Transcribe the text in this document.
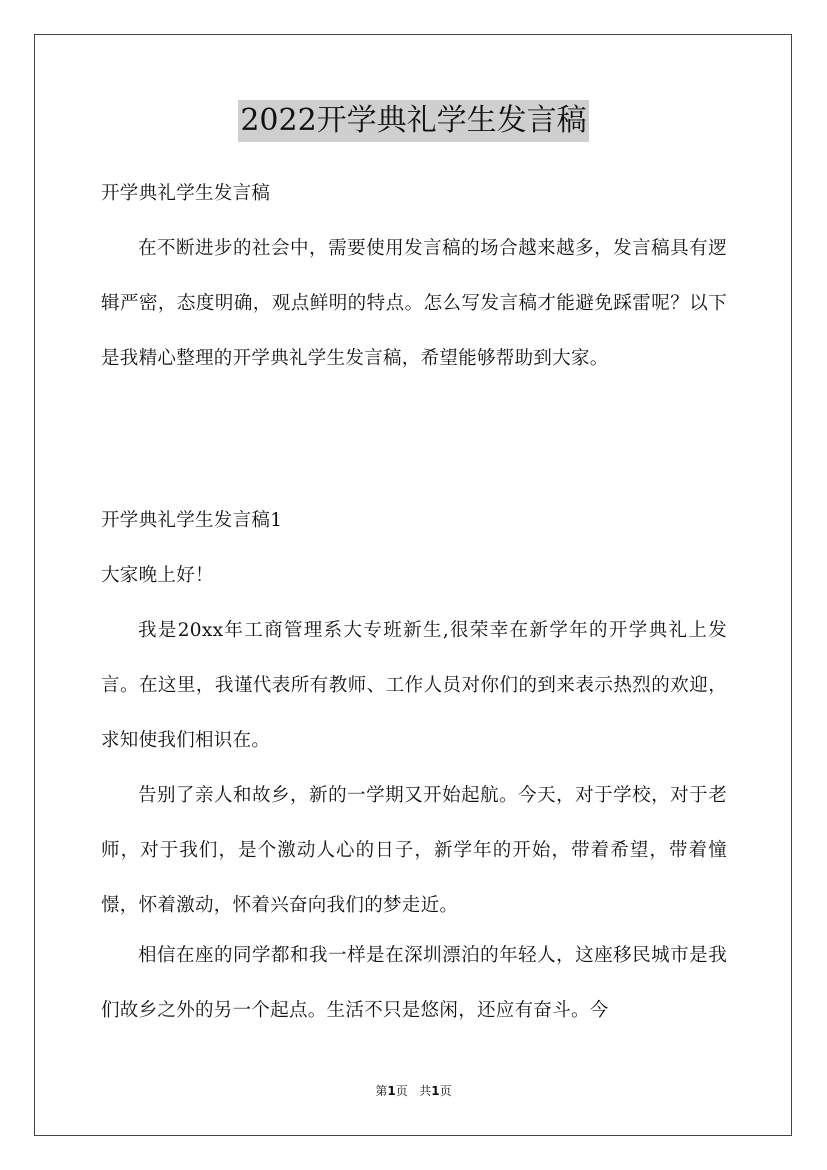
2022开学典礼学生发言稿
开学典礼学生发言稿
在不断进步的社会中，需要使用发言稿的场合越来越多，发言稿具有逻辑严密，态度明确，观点鲜明的特点。怎么写发言稿才能避免踩雷呢？以下是我精心整理的开学典礼学生发言稿，希望能够帮助到大家。
开学典礼学生发言稿1
大家晚上好！
我是20xx年工商管理系大专班新生,很荣幸在新学年的开学典礼上发言。在这里，我谨代表所有教师、工作人员对你们的到来表示热烈的欢迎，求知使我们相识在。
告别了亲人和故乡，新的一学期又开始起航。今天，对于学校，对于老师，对于我们，是个激动人心的日子，新学年的开始，带着希望，带着憧憬，怀着激动，怀着兴奋向我们的梦走近。
相信在座的同学都和我一样是在深圳漂泊的年轻人，这座移民城市是我们故乡之外的另一个起点。生活不只是悠闲，还应有奋斗。今
第1页 共1页
